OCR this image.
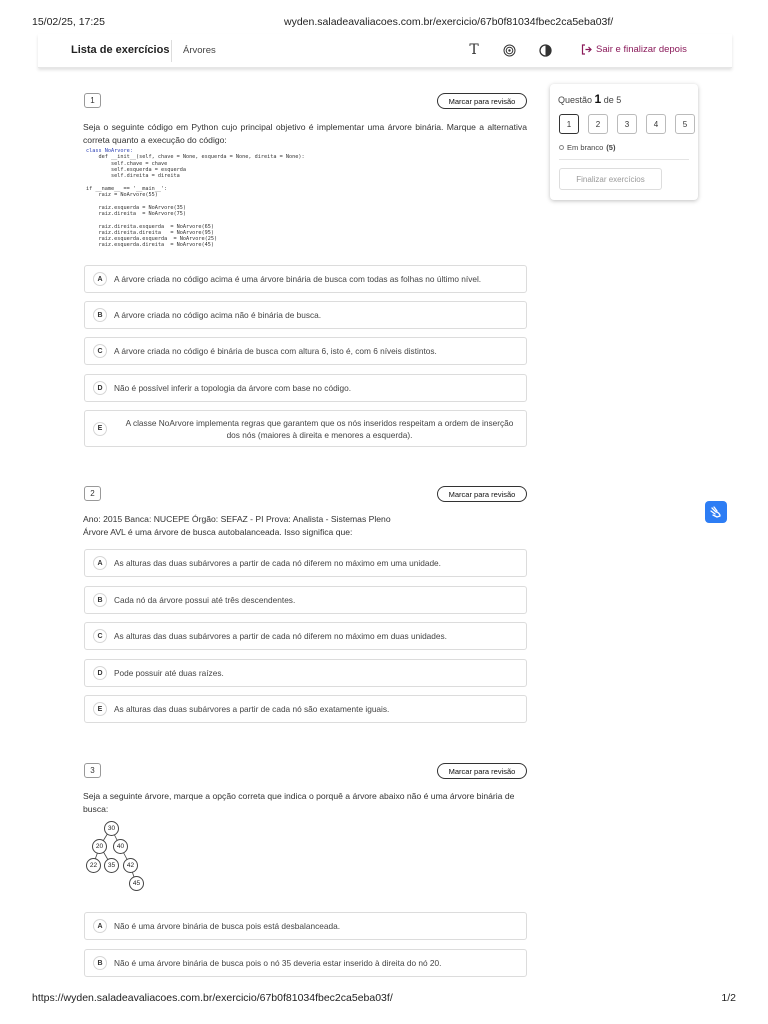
15/02/25, 17:25	wyden.saladeavaliacoes.com.br/exercicio/67b0f81034fbec2ca5eba03f/
Lista de exercícios Árvores	T	Sair e finalizar depois
1	Marcar para revisão
Seja o seguinte código em Python cujo principal objetivo é implementar uma árvore binária. Marque a alternativa correta quanto a execução do código:
class NoArvore:
def __init__(self, chave = None, esquerda = None, direita = None):
self.chave = chave
self.esquerda = esquerda
self.direita = direita

if __name__ == '__main__':
raiz = NoArvore(55)

raiz.esquerda = NoArvore(35)
raiz.direita  = NoArvore(75)

raiz.direita.esquerda  = NoArvore(65)
raiz.direita.direita   = NoArvore(95)
raiz.esquerda.esquerda  = NoArvore(25)
raiz.esquerda.direita  = NoArvore(45)
A	A árvore criada no código acima é uma árvore binária de busca com todas as folhas no último nível.
B	A árvore criada no código acima não é binária de busca.
C	A árvore criada no código é binária de busca com altura 6, isto é, com 6 níveis distintos.
D	Não é possível inferir a topologia da árvore com base no código.
E
A classe NoArvore implementa regras que garantem que os nós inseridos respeitam a ordem de inserção dos nós (maiores à direita e menores a esquerda).
2	Marcar para revisão
Ano: 2015 Banca: NUCEPE Órgão: SEFAZ - PI Prova: Analista - Sistemas Pleno
Árvore AVL é uma árvore de busca autobalanceada. Isso significa que:
A	As alturas das duas subárvores a partir de cada nó diferem no máximo em uma unidade.
B	Cada nó da árvore possui até três descendentes.
C	As alturas das duas subárvores a partir de cada nó diferem no máximo em duas unidades.
D	Pode possuir até duas raízes.
E	As alturas das duas subárvores a partir de cada nó são exatamente iguais.
3	Marcar para revisão
Seja a seguinte árvore, marque a opção correta que indica o porquê a árvore abaixo não é uma árvore binária de busca:
30
20	40
22	35	42
45
A	Não é uma árvore binária de busca pois está desbalanceada.
B	Não é uma árvore binária de busca pois o nó 35 deveria estar inserido à direita do nó 20.
Questão 1 de 5
1	2	3	4	5
Em branco (5)
Finalizar exercícios
https://wyden.saladeavaliacoes.com.br/exercicio/67b0f81034fbec2ca5eba03f/	1/2
